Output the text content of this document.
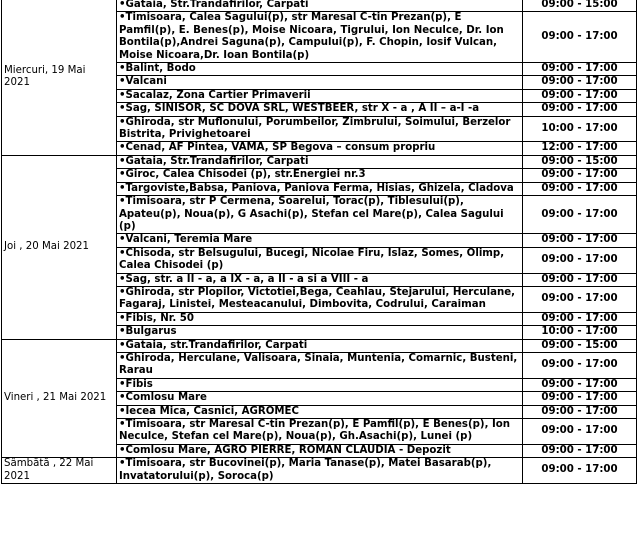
Miercuri, 19 Mai 2021	•Gataia, Str.Trandafirilor, Carpati	09:00 - 15:00
	•Timisoara, Calea Sagului(p), str Maresal C-tin Prezan(p), E Pamfil(p), E. Benes(p), Moise Nicoara, Tigrului, Ion Neculce, Dr. Ion Bontila(p),Andrei Saguna(p), Campului(p), F. Chopin, Iosif Vulcan, Moise Nicoara,Dr. Ioan Bontila(p)	09:00 - 17:00
	•Balint, Bodo	09:00 - 17:00
	•Valcani	09:00 - 17:00
	•Sacalaz, Zona Cartier Primaverii	09:00 - 17:00
	•Sag, SINISOR, SC DOVA SRL, WESTBEER, str X - a , A II – a-I -a	09:00 - 17:00
	•Ghiroda, str Muflonului, Porumbeilor, Zimbrului, Soimului, Berzelor Bistrita, Privighetoarei	10:00 - 17:00
	•Cenad, AF Pintea, VAMA, SP Begova – consum propriu	12:00 - 17:00
Joi , 20 Mai 2021	•Gataia, Str.Trandafirilor, Carpati	09:00 - 15:00
	•Giroc, Calea Chisodei (p), str.Energiei nr.3	09:00 - 17:00
	•Targoviste,Babsa, Paniova, Paniova Ferma, Hisias, Ghizela, Cladova	09:00 - 17:00
	•Timisoara, str P Cermena, Soarelui, Torac(p), Tiblesului(p), Apateu(p), Noua(p), G Asachi(p), Stefan cel Mare(p), Calea Sagului (p)	09:00 - 17:00
	•Valcani, Teremia Mare	09:00 - 17:00
	•Chisoda, str Belsugului, Bucegi, Nicolae Firu, Islaz, Somes, Olimp, Calea Chisodei (p)	09:00 - 17:00
	•Sag, str. a II - a, a IX - a, a II - a si a VIII - a	09:00 - 17:00
	•Ghiroda, str Plopilor, Victotiei,Bega, Ceahlau, Stejarului, Herculane, Fagaraj, Linistei, Mesteacanului, Dimbovita, Codrului, Caraiman	09:00 - 17:00
	•Fibis, Nr. 50	09:00 - 17:00
	•Bulgarus	10:00 - 17:00
Vineri , 21 Mai 2021	•Gataia, str.Trandafirilor, Carpati	09:00 - 15:00
	•Ghiroda, Herculane, Valisoara, Sinaia, Muntenia, Comarnic, Busteni, Rarau	09:00 - 17:00
	•Fibis	09:00 - 17:00
	•Comlosu Mare	09:00 - 17:00
	•Iecea Mica, Casnici, AGROMEC	09:00 - 17:00
	•Timisoara, str Maresal C-tin Prezan(p), E Pamfil(p), E Benes(p), Ion Neculce, Stefan cel Mare(p), Noua(p), Gh.Asachi(p), Lunei (p)	09:00 - 17:00
	•Comlosu Mare, AGRO PIERRE, ROMAN CLAUDIA - Depozit	09:00 - 17:00
Sâmbătă , 22 Mai 2021	•Timisoara, str Bucovinei(p), Maria Tanase(p), Matei Basarab(p), Invatatorului(p), Soroca(p)	09:00 - 17:00
